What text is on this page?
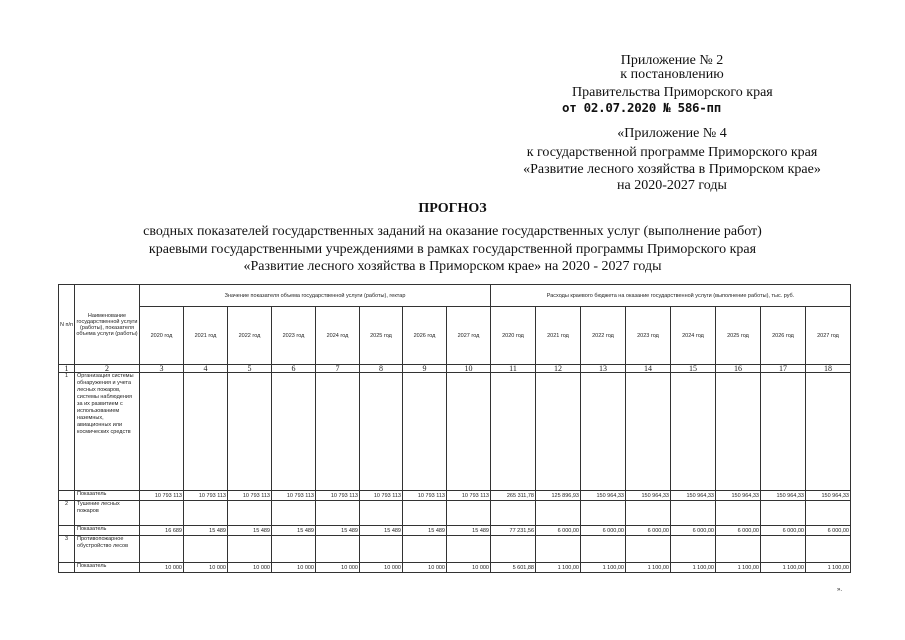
Приложение № 2
к постановлению
Правительства Приморского края
от 02.07.2020 № 586-пп
«Приложение № 4
к государственной программе Приморского края
«Развитие лесного хозяйства в Приморском крае»
на 2020-2027 годы
ПРОГНОЗ
сводных показателей государственных заданий на оказание государственных услуг (выполнение работ)
краевыми государственными учреждениями в рамках государственной программы Приморского края
«Развитие лесного хозяйства в Приморском крае» на 2020 - 2027 годы
N п/п	Наименование государственной услуги (работы), показателя объема услуги (работы)	Значение показателя объема государственной услуги (работы), гектар								Расходы краевого бюджета на оказание государственной услуги (выполнение работы), тыс. руб.							
		2020 год	2021 год	2022 год	2023 год	2024 год	2025 год	2026 год	2027 год	2020 год	2021 год	2022 год	2023 год	2024 год	2025 год	2026 год	2027 год
1	2	3	4	5	6	7	8	9	10	11	12	13	14	15	16	17	18
1	Организация системы обнаружения и учета лесных пожаров, системы наблюдения за их развитием с использованием наземных, авиационных или космических средств																
	Показатель	10 793 113	10 793 113	10 793 113	10 793 113	10 793 113	10 793 113	10 793 113	10 793 113	265 311,78	125 896,93	150 964,33	150 964,33	150 964,33	150 964,33	150 964,33	150 964,33
2	Тушение лесных пожаров																
	Показатель	16 689	15 489	15 489	15 489	15 489	15 489	15 489	15 489	77 231,56	6 000,00	6 000,00	6 000,00	6 000,00	6 000,00	6 000,00	6 000,00
3	Противопожарное обустройство лесов																
	Показатель	10 000	10 000	10 000	10 000	10 000	10 000	10 000	10 000	5 601,88	1 100,00	1 100,00	1 100,00	1 100,00	1 100,00	1 100,00	1 100,00
».
